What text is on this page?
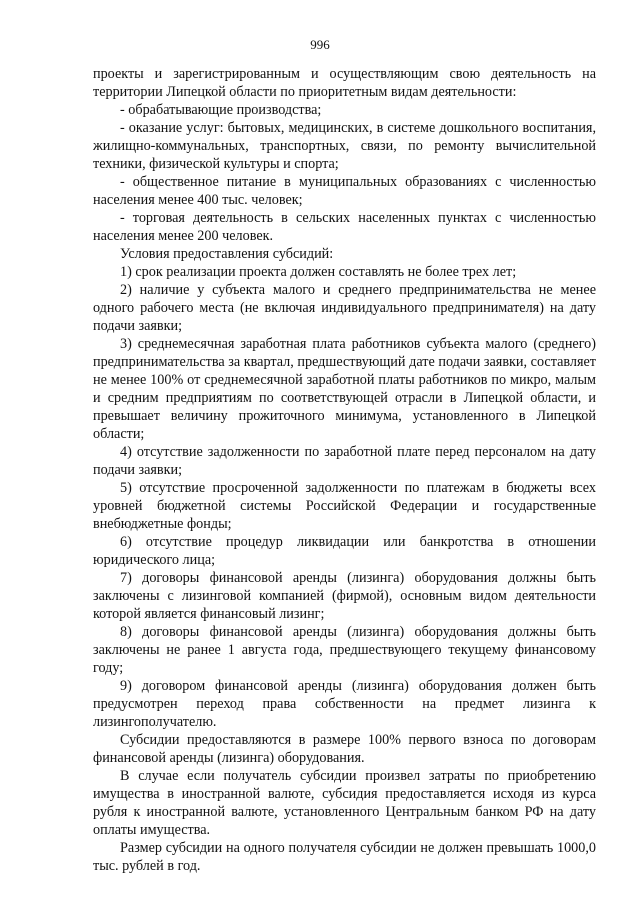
996

проекты и зарегистрированным и осуществляющим свою деятельность на территории Липецкой области по приоритетным видам деятельности:

- обрабатывающие производства;

- оказание услуг: бытовых, медицинских, в системе дошкольного воспитания, жилищно-коммунальных, транспортных, связи, по ремонту вычислительной техники, физической культуры и спорта;

- общественное питание в муниципальных образованиях с численностью населения менее 400 тыс. человек;

- торговая деятельность в сельских населенных пунктах с численностью населения менее 200 человек.

Условия предоставления субсидий:

1) срок реализации проекта должен составлять не более трех лет;

2) наличие у субъекта малого и среднего предпринимательства не менее одного рабочего места (не включая индивидуального предпринимателя) на дату подачи заявки;

3) среднемесячная заработная плата работников субъекта малого (среднего) предпринимательства за квартал, предшествующий дате подачи заявки, составляет не менее 100% от среднемесячной заработной платы работников по микро, малым и средним предприятиям по соответствующей отрасли в Липецкой области, и превышает величину прожиточного минимума, установленного в Липецкой области;

4) отсутствие задолженности по заработной плате перед персоналом на дату подачи заявки;

5) отсутствие просроченной задолженности по платежам в бюджеты всех уровней бюджетной системы Российской Федерации и государственные внебюджетные фонды;

6) отсутствие процедур ликвидации или банкротства в отношении юридического лица;

7) договоры финансовой аренды (лизинга) оборудования должны быть заключены с лизинговой компанией (фирмой), основным видом деятельности которой является финансовый лизинг;

8) договоры финансовой аренды (лизинга) оборудования должны быть заключены не ранее 1 августа года, предшествующего текущему финансовому году;

9) договором финансовой аренды (лизинга) оборудования должен быть предусмотрен переход права собственности на предмет лизинга к лизингополучателю.

Субсидии предоставляются в размере 100% первого взноса по договорам финансовой аренды (лизинга) оборудования.

В случае если получатель субсидии произвел затраты по приобретению имущества в иностранной валюте, субсидия предоставляется исходя из курса рубля к иностранной валюте, установленного Центральным банком РФ на дату оплаты имущества.

Размер субсидии на одного получателя субсидии не должен превышать 1000,0 тыс. рублей в год.
